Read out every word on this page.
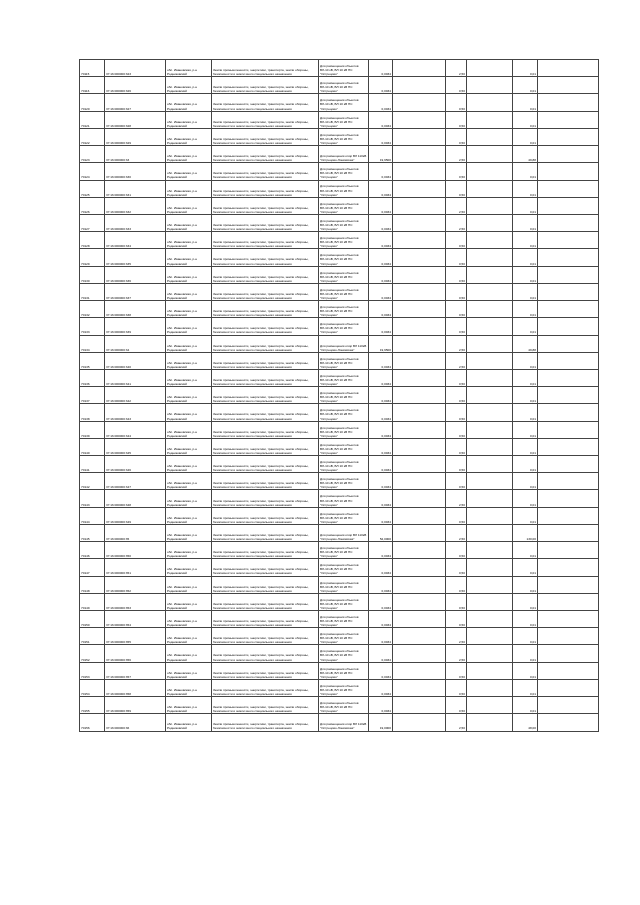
70115	37:16:000000:323	обл. Ивановская, р-н Родниковский	Земли промышленности, энергетики, транспорта, земли обороны, безопасности и земли иного специального назначения	Для размещения объектов ВЛ-10 кВ, ВЛ 10 кВ ПС "Острецово"	0,0034		2,50		0,01	
70116	37:16:000000:326	обл. Ивановская, р-н Родниковский	Земли промышленности, энергетики, транспорта, земли обороны, безопасности и земли иного специального назначения	Для размещения объектов ВЛ-10 кВ, ВЛ 10 кВ ПС "Острецово"	0,0034		0,50		0,01	
70120	37:16:000000:327	обл. Ивановская, р-н Родниковский	Земли промышленности, энергетики, транспорта, земли обороны, безопасности и земли иного специального назначения	Для размещения объектов ВЛ-10 кВ, ВЛ 10 кВ ПС "Острецово"	0,0034		0,50		0,01	
70121	37:16:000000:328	обл. Ивановская, р-н Родниковский	Земли промышленности, энергетики, транспорта, земли обороны, безопасности и земли иного специального назначения	Для размещения объектов ВЛ-10 кВ, ВЛ 10 кВ ПС "Острецово"	0,0034		0,50		0,01	
70122	37:16:000000:329	обл. Ивановская, р-н Родниковский	Земли промышленности, энергетики, транспорта, земли обороны, безопасности и земли иного специального назначения	Для размещения объектов ВЛ-10 кВ, ВЛ 10 кВ ПС "Острецово"	0,0034		0,50		0,01	
70123	37:16:000000:33	обл. Ивановская, р-н Родниковский	Земли промышленности, энергетики, транспорта, земли обороны, безопасности и земли иного специального назначения	Для размещения опор ВЛ 110кВ "Острецово-Ломовская"	19,9500		2,50		49,88	
70124	37:16:000000:330	обл. Ивановская, р-н Родниковский	Земли промышленности, энергетики, транспорта, земли обороны, безопасности и земли иного специального назначения	Для размещения объектов ВЛ-10 кВ, ВЛ 10 кВ ПС "Острецово"	0,0034		0,50		0,01	
70125	37:16:000000:331	обл. Ивановская, р-н Родниковский	Земли промышленности, энергетики, транспорта, земли обороны, безопасности и земли иного специального назначения	Для размещения объектов ВЛ-10 кВ, ВЛ 10 кВ ПС "Острецово"	0,0034		0,50		0,01	
70126	37:16:000000:332	обл. Ивановская, р-н Родниковский	Земли промышленности, энергетики, транспорта, земли обороны, безопасности и земли иного специального назначения	Для размещения объектов ВЛ-10 кВ, ВЛ 10 кВ ПС "Острецово"	0,0034		2,50		0,01	
70127	37:16:000000:333	обл. Ивановская, р-н Родниковский	Земли промышленности, энергетики, транспорта, земли обороны, безопасности и земли иного специального назначения	Для размещения объектов ВЛ-10 кВ, ВЛ 10 кВ ПС "Острецово"	0,0034		2,50		0,01	
70128	37:16:000000:334	обл. Ивановская, р-н Родниковский	Земли промышленности, энергетики, транспорта, земли обороны, безопасности и земли иного специального назначения	Для размещения объектов ВЛ-10 кВ, ВЛ 10 кВ ПС "Острецово"	0,0034		0,50		0,01	
70129	37:16:000000:335	обл. Ивановская, р-н Родниковский	Земли промышленности, энергетики, транспорта, земли обороны, безопасности и земли иного специального назначения	Для размещения объектов ВЛ-10 кВ, ВЛ 10 кВ ПС "Острецово"	0,0034		0,50		0,01	
70130	37:16:000000:336	обл. Ивановская, р-н Родниковский	Земли промышленности, энергетики, транспорта, земли обороны, безопасности и земли иного специального назначения	Для размещения объектов ВЛ-10 кВ, ВЛ 10 кВ ПС "Острецово"	0,0034		0,50		0,01	
70131	37:16:000000:337	обл. Ивановская, р-н Родниковский	Земли промышленности, энергетики, транспорта, земли обороны, безопасности и земли иного специального назначения	Для размещения объектов ВЛ-10 кВ, ВЛ 10 кВ ПС "Острецово"	0,0034		0,50		0,01	
70132	37:16:000000:338	обл. Ивановская, р-н Родниковский	Земли промышленности, энергетики, транспорта, земли обороны, безопасности и земли иного специального назначения	Для размещения объектов ВЛ-10 кВ, ВЛ 10 кВ ПС "Острецово"	0,0034		0,50		0,01	
70133	37:16:000000:339	обл. Ивановская, р-н Родниковский	Земли промышленности, энергетики, транспорта, земли обороны, безопасности и земли иного специального назначения	Для размещения объектов ВЛ-10 кВ, ВЛ 10 кВ ПС "Острецово"	0,0034		0,50		0,01	
70134	37:16:000000:34	обл. Ивановская, р-н Родниковский	Земли промышленности, энергетики, транспорта, земли обороны, безопасности и земли иного специального назначения	Для размещения опор ВЛ 110кВ "Острецово-Ломовская"	19,9500		2,50		49,88	
70135	37:16:000000:340	обл. Ивановская, р-н Родниковский	Земли промышленности, энергетики, транспорта, земли обороны, безопасности и земли иного специального назначения	Для размещения объектов ВЛ-10 кВ, ВЛ 10 кВ ПС "Острецово"	0,0034		2,50		0,01	
70136	37:16:000000:341	обл. Ивановская, р-н Родниковский	Земли промышленности, энергетики, транспорта, земли обороны, безопасности и земли иного специального назначения	Для размещения объектов ВЛ-10 кВ, ВЛ 10 кВ ПС "Острецово"	0,0034		0,50		0,01	
70137	37:16:000000:342	обл. Ивановская, р-н Родниковский	Земли промышленности, энергетики, транспорта, земли обороны, безопасности и земли иного специального назначения	Для размещения объектов ВЛ-10 кВ, ВЛ 10 кВ ПС "Острецово"	0,0034		0,50		0,01	
70138	37:16:000000:343	обл. Ивановская, р-н Родниковский	Земли промышленности, энергетики, транспорта, земли обороны, безопасности и земли иного специального назначения	Для размещения объектов ВЛ-10 кВ, ВЛ 10 кВ ПС "Острецово"	0,0034		0,50		0,01	
70139	37:16:000000:344	обл. Ивановская, р-н Родниковский	Земли промышленности, энергетики, транспорта, земли обороны, безопасности и земли иного специального назначения	Для размещения объектов ВЛ-10 кВ, ВЛ 10 кВ ПС "Острецово"	0,0034		0,50		0,01	
70140	37:16:000000:345	обл. Ивановская, р-н Родниковский	Земли промышленности, энергетики, транспорта, земли обороны, безопасности и земли иного специального назначения	Для размещения объектов ВЛ-10 кВ, ВЛ 10 кВ ПС "Острецово"	0,0034		0,50		0,01	
70141	37:16:000000:346	обл. Ивановская, р-н Родниковский	Земли промышленности, энергетики, транспорта, земли обороны, безопасности и земли иного специального назначения	Для размещения объектов ВЛ-10 кВ, ВЛ 10 кВ ПС "Острецово"	0,0034		0,50		0,01	
70142	37:16:000000:347	обл. Ивановская, р-н Родниковский	Земли промышленности, энергетики, транспорта, земли обороны, безопасности и земли иного специального назначения	Для размещения объектов ВЛ-10 кВ, ВЛ 10 кВ ПС "Острецово"	0,0034		0,50		0,01	
70143	37:16:000000:348	обл. Ивановская, р-н Родниковский	Земли промышленности, энергетики, транспорта, земли обороны, безопасности и земли иного специального назначения	Для размещения объектов ВЛ-10 кВ, ВЛ 10 кВ ПС "Острецово"	0,0034		2,50		0,01	
70144	37:16:000000:349	обл. Ивановская, р-н Родниковский	Земли промышленности, энергетики, транспорта, земли обороны, безопасности и земли иного специального назначения	Для размещения объектов ВЛ-10 кВ, ВЛ 10 кВ ПС "Острецово"	0,0034		0,50		0,01	
70145	37:16:000000:35	обл. Ивановская, р-н Родниковский	Земли промышленности, энергетики, транспорта, земли обороны, безопасности и земли иного специального назначения	Для размещения опор ВЛ 110кВ "Острецово-Ломовская"	52,0000		2,50		130,00	
70146	37:16:000000:350	обл. Ивановская, р-н Родниковский	Земли промышленности, энергетики, транспорта, земли обороны, безопасности и земли иного специального назначения	Для размещения объектов ВЛ-10 кВ, ВЛ 10 кВ ПС "Острецово"	0,0034		0,50		0,01	
70147	37:16:000000:351	обл. Ивановская, р-н Родниковский	Земли промышленности, энергетики, транспорта, земли обороны, безопасности и земли иного специального назначения	Для размещения объектов ВЛ-10 кВ, ВЛ 10 кВ ПС "Острецово"	0,0034		0,50		0,01	
70148	37:16:000000:352	обл. Ивановская, р-н Родниковский	Земли промышленности, энергетики, транспорта, земли обороны, безопасности и земли иного специального назначения	Для размещения объектов ВЛ-10 кВ, ВЛ 10 кВ ПС "Острецово"	0,0034		0,50		0,01	
70149	37:16:000000:353	обл. Ивановская, р-н Родниковский	Земли промышленности, энергетики, транспорта, земли обороны, безопасности и земли иного специального назначения	Для размещения объектов ВЛ-10 кВ, ВЛ 10 кВ ПС "Острецово"	0,0034		0,50		0,01	
70150	37:16:000000:354	обл. Ивановская, р-н Родниковский	Земли промышленности, энергетики, транспорта, земли обороны, безопасности и земли иного специального назначения	Для размещения объектов ВЛ-10 кВ, ВЛ 10 кВ ПС "Острецово"	0,0034		0,50		0,01	
70151	37:16:000000:355	обл. Ивановская, р-н Родниковский	Земли промышленности, энергетики, транспорта, земли обороны, безопасности и земли иного специального назначения	Для размещения объектов ВЛ-10 кВ, ВЛ 10 кВ ПС "Острецово"	0,0034		2,50		0,01	
70152	37:16:000000:356	обл. Ивановская, р-н Родниковский	Земли промышленности, энергетики, транспорта, земли обороны, безопасности и земли иного специального назначения	Для размещения объектов ВЛ-10 кВ, ВЛ 10 кВ ПС "Острецово"	0,0034		2,50		0,01	
70153	37:16:000000:357	обл. Ивановская, р-н Родниковский	Земли промышленности, энергетики, транспорта, земли обороны, безопасности и земли иного специального назначения	Для размещения объектов ВЛ-10 кВ, ВЛ 10 кВ ПС "Острецово"	0,0034		0,50		0,01	
70154	37:16:000000:358	обл. Ивановская, р-н Родниковский	Земли промышленности, энергетики, транспорта, земли обороны, безопасности и земли иного специального назначения	Для размещения объектов ВЛ-10 кВ, ВЛ 10 кВ ПС "Острецово"	0,0034		0,50		0,01	
70155	37:16:000000:359	обл. Ивановская, р-н Родниковский	Земли промышленности, энергетики, транспорта, земли обороны, безопасности и земли иного специального назначения	Для размещения объектов ВЛ-10 кВ, ВЛ 10 кВ ПС "Острецово"	0,0034		0,50		0,01	
70156	37:16:000000:36	обл. Ивановская, р-н Родниковский	Земли промышленности, энергетики, транспорта, земли обороны, безопасности и земли иного специального назначения	Для размещения опор ВЛ 110кВ "Острецово-Ломовская"	19,0000		2,50		48,00	
